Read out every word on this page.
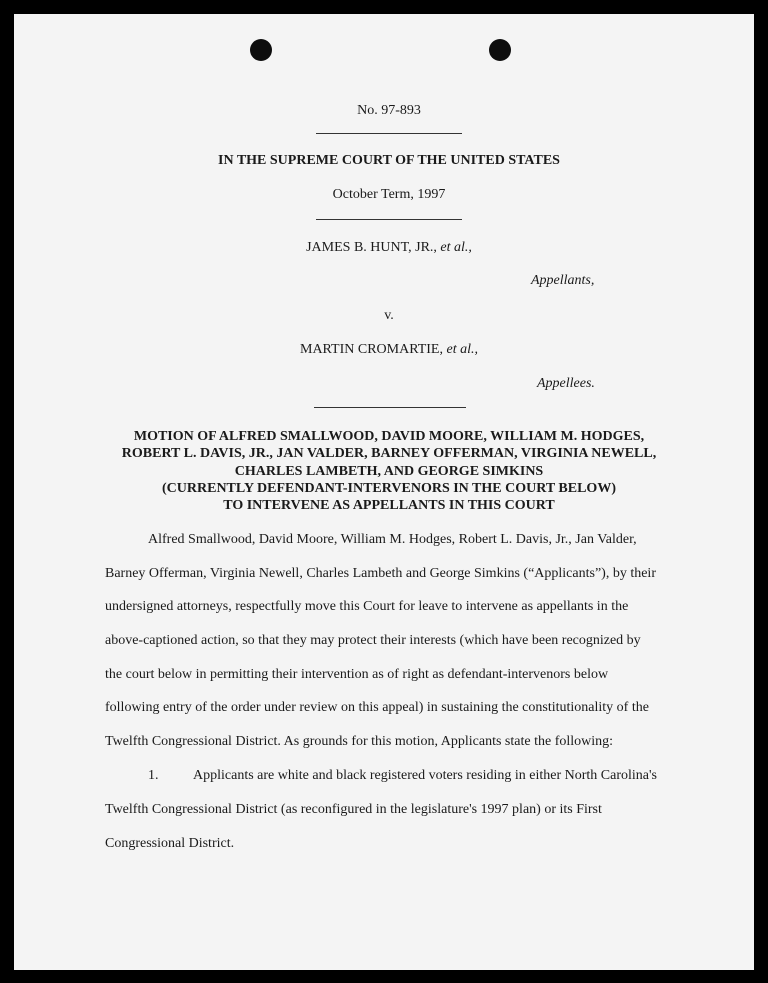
No. 97-893
IN THE SUPREME COURT OF THE UNITED STATES
October Term, 1997
JAMES B. HUNT, JR., et al.,
Appellants,
v.
MARTIN CROMARTIE, et al.,
Appellees.
MOTION OF ALFRED SMALLWOOD, DAVID MOORE, WILLIAM M. HODGES,
ROBERT L. DAVIS, JR., JAN VALDER, BARNEY OFFERMAN, VIRGINIA NEWELL,
CHARLES LAMBETH, AND GEORGE SIMKINS
(CURRENTLY DEFENDANT-INTERVENORS IN THE COURT BELOW)
TO INTERVENE AS APPELLANTS IN THIS COURT
Alfred Smallwood, David Moore, William M. Hodges, Robert L. Davis, Jr., Jan Valder,
Barney Offerman, Virginia Newell, Charles Lambeth and George Simkins (“Applicants”), by their
undersigned attorneys, respectfully move this Court for leave to intervene as appellants in the
above-captioned action, so that they may protect their interests (which have been recognized by
the court below in permitting their intervention as of right as defendant-intervenors below
following entry of the order under review on this appeal) in sustaining the constitutionality of the
Twelfth Congressional District. As grounds for this motion, Applicants state the following:
1. Applicants are white and black registered voters residing in either North Carolina's
Twelfth Congressional District (as reconfigured in the legislature's 1997 plan) or its First
Congressional District.
